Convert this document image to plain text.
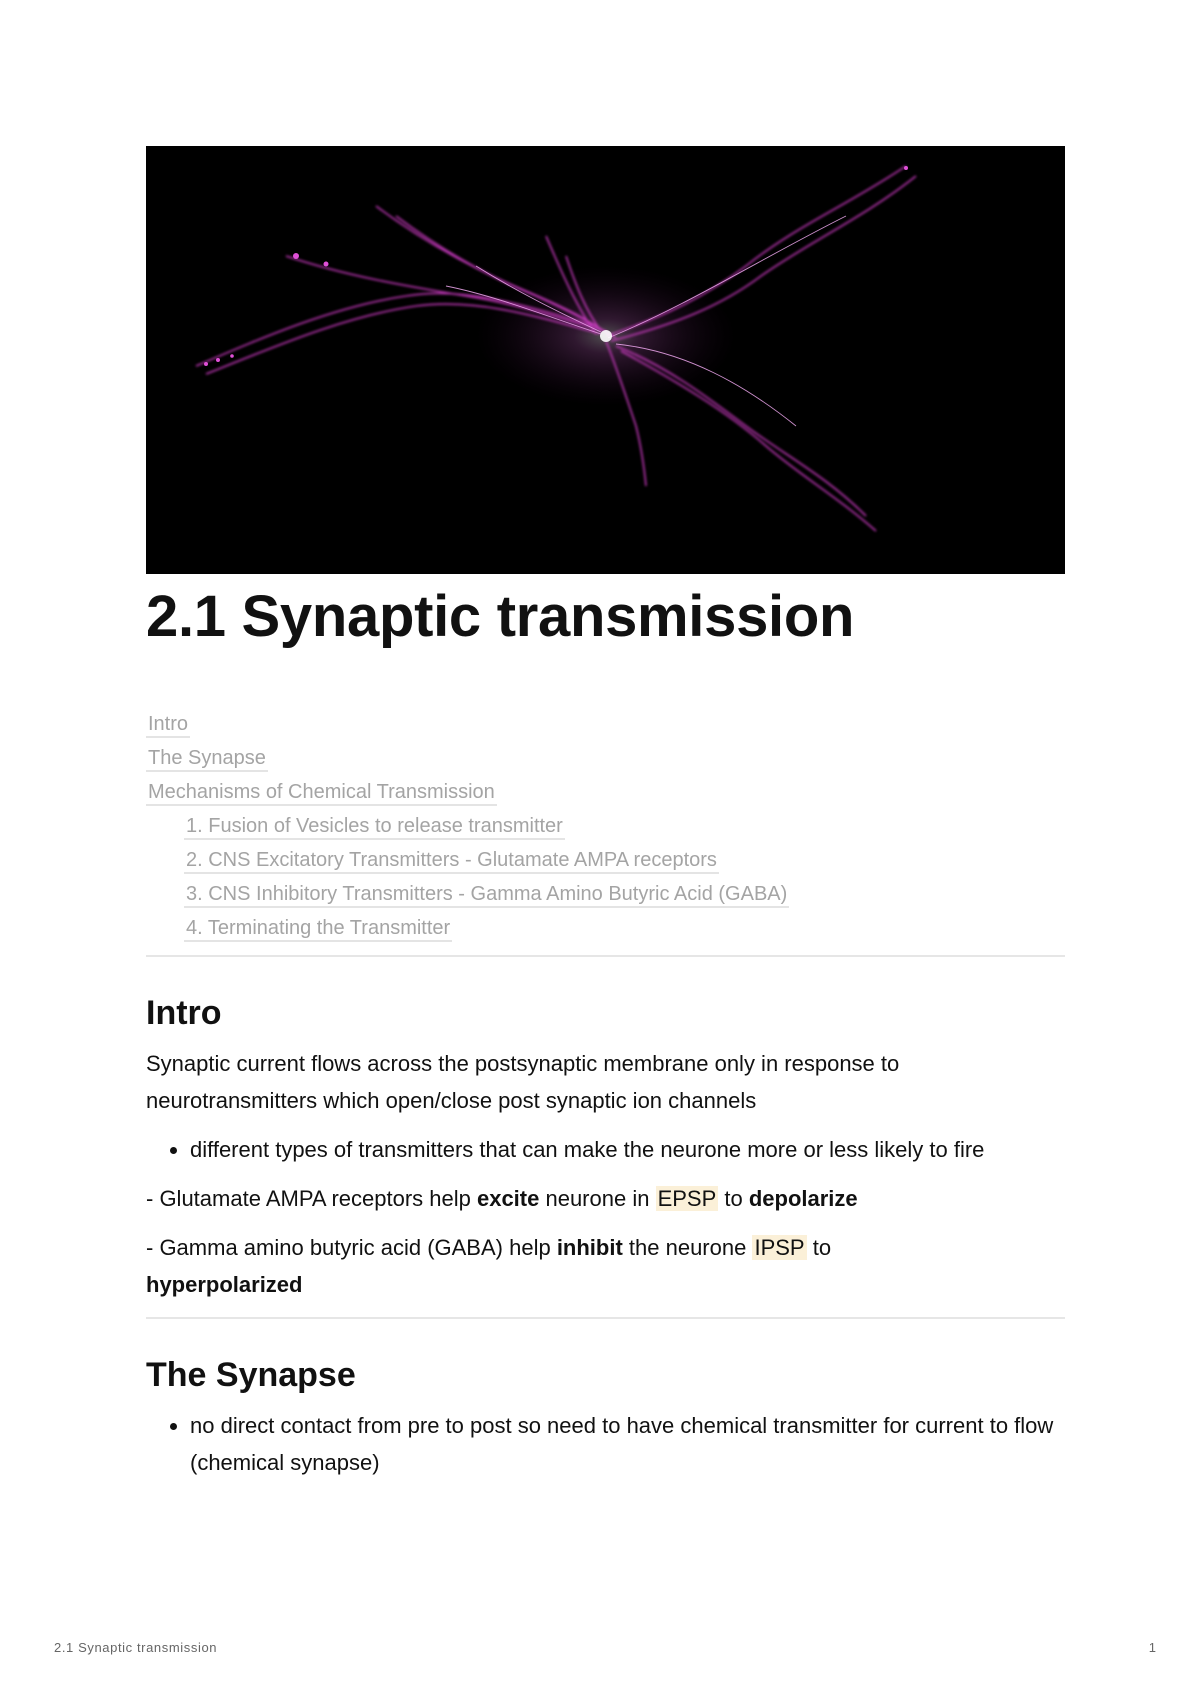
2.1 Synaptic transmission
Intro
The Synapse
Mechanisms of Chemical Transmission
1. Fusion of Vesicles to release transmitter
2. CNS Excitatory Transmitters - Glutamate AMPA receptors
3. CNS Inhibitory Transmitters - Gamma Amino Butyric Acid (GABA)
4. Terminating the Transmitter
Intro

Synaptic current flows across the postsynaptic membrane only in response to neurotransmitters which open/close post synaptic ion channels

• different types of transmitters that can make the neurone more or less likely to fire

- Glutamate AMPA receptors help excite neurone in EPSP to depolarize

- Gamma amino butyric acid (GABA) help inhibit the neurone IPSP to
hyperpolarized

The Synapse
• no direct contact from pre to post so need to have chemical transmitter for current to flow (chemical synapse)
2.1 Synaptic transmission	1
